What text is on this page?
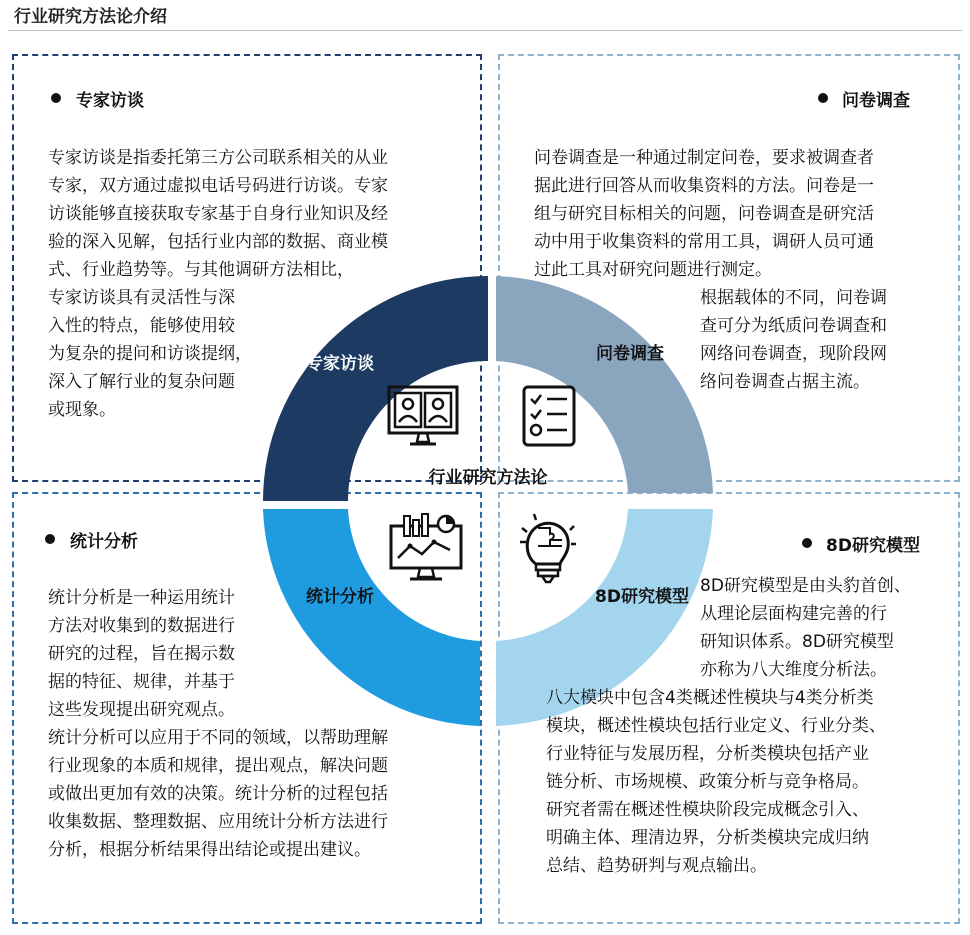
行业研究方法论介绍
专家访谈	问卷调查
统计分析	8D研究模型
专家访谈	问卷调查
统计分析	8D研究模型
行业研究方法论
专家访谈是指委托第三方公司联系相关的从业
专家，双方通过虚拟电话号码进行访谈。专家
访谈能够直接获取专家基于自身行业知识及经
验的深入见解，包括行业内部的数据、商业模
式、行业趋势等。与其他调研方法相比，
专家访谈具有灵活性与深
入性的特点，能够使用较
为复杂的提问和访谈提纲，
深入了解行业的复杂问题
或现象。
问卷调查是一种通过制定问卷，要求被调查者
据此进行回答从而收集资料的方法。问卷是一
组与研究目标相关的问题，问卷调查是研究活
动中用于收集资料的常用工具，调研人员可通
过此工具对研究问题进行测定。
根据载体的不同，问卷调
查可分为纸质问卷调查和
网络问卷调查，现阶段网
络问卷调查占据主流。
统计分析是一种运用统计
方法对收集到的数据进行
研究的过程，旨在揭示数
据的特征、规律，并基于
这些发现提出研究观点。
统计分析可以应用于不同的领域，以帮助理解
行业现象的本质和规律，提出观点，解决问题
或做出更加有效的决策。统计分析的过程包括
收集数据、整理数据、应用统计分析方法进行
分析，根据分析结果得出结论或提出建议。
8D研究模型是由头豹首创、
从理论层面构建完善的行
研知识体系。8D研究模型
亦称为八大维度分析法。
八大模块中包含4类概述性模块与4类分析类
模块，概述性模块包括行业定义、行业分类、
行业特征与发展历程，分析类模块包括产业
链分析、市场规模、政策分析与竞争格局。
研究者需在概述性模块阶段完成概念引入、
明确主体、理清边界，分析类模块完成归纳
总结、趋势研判与观点输出。
